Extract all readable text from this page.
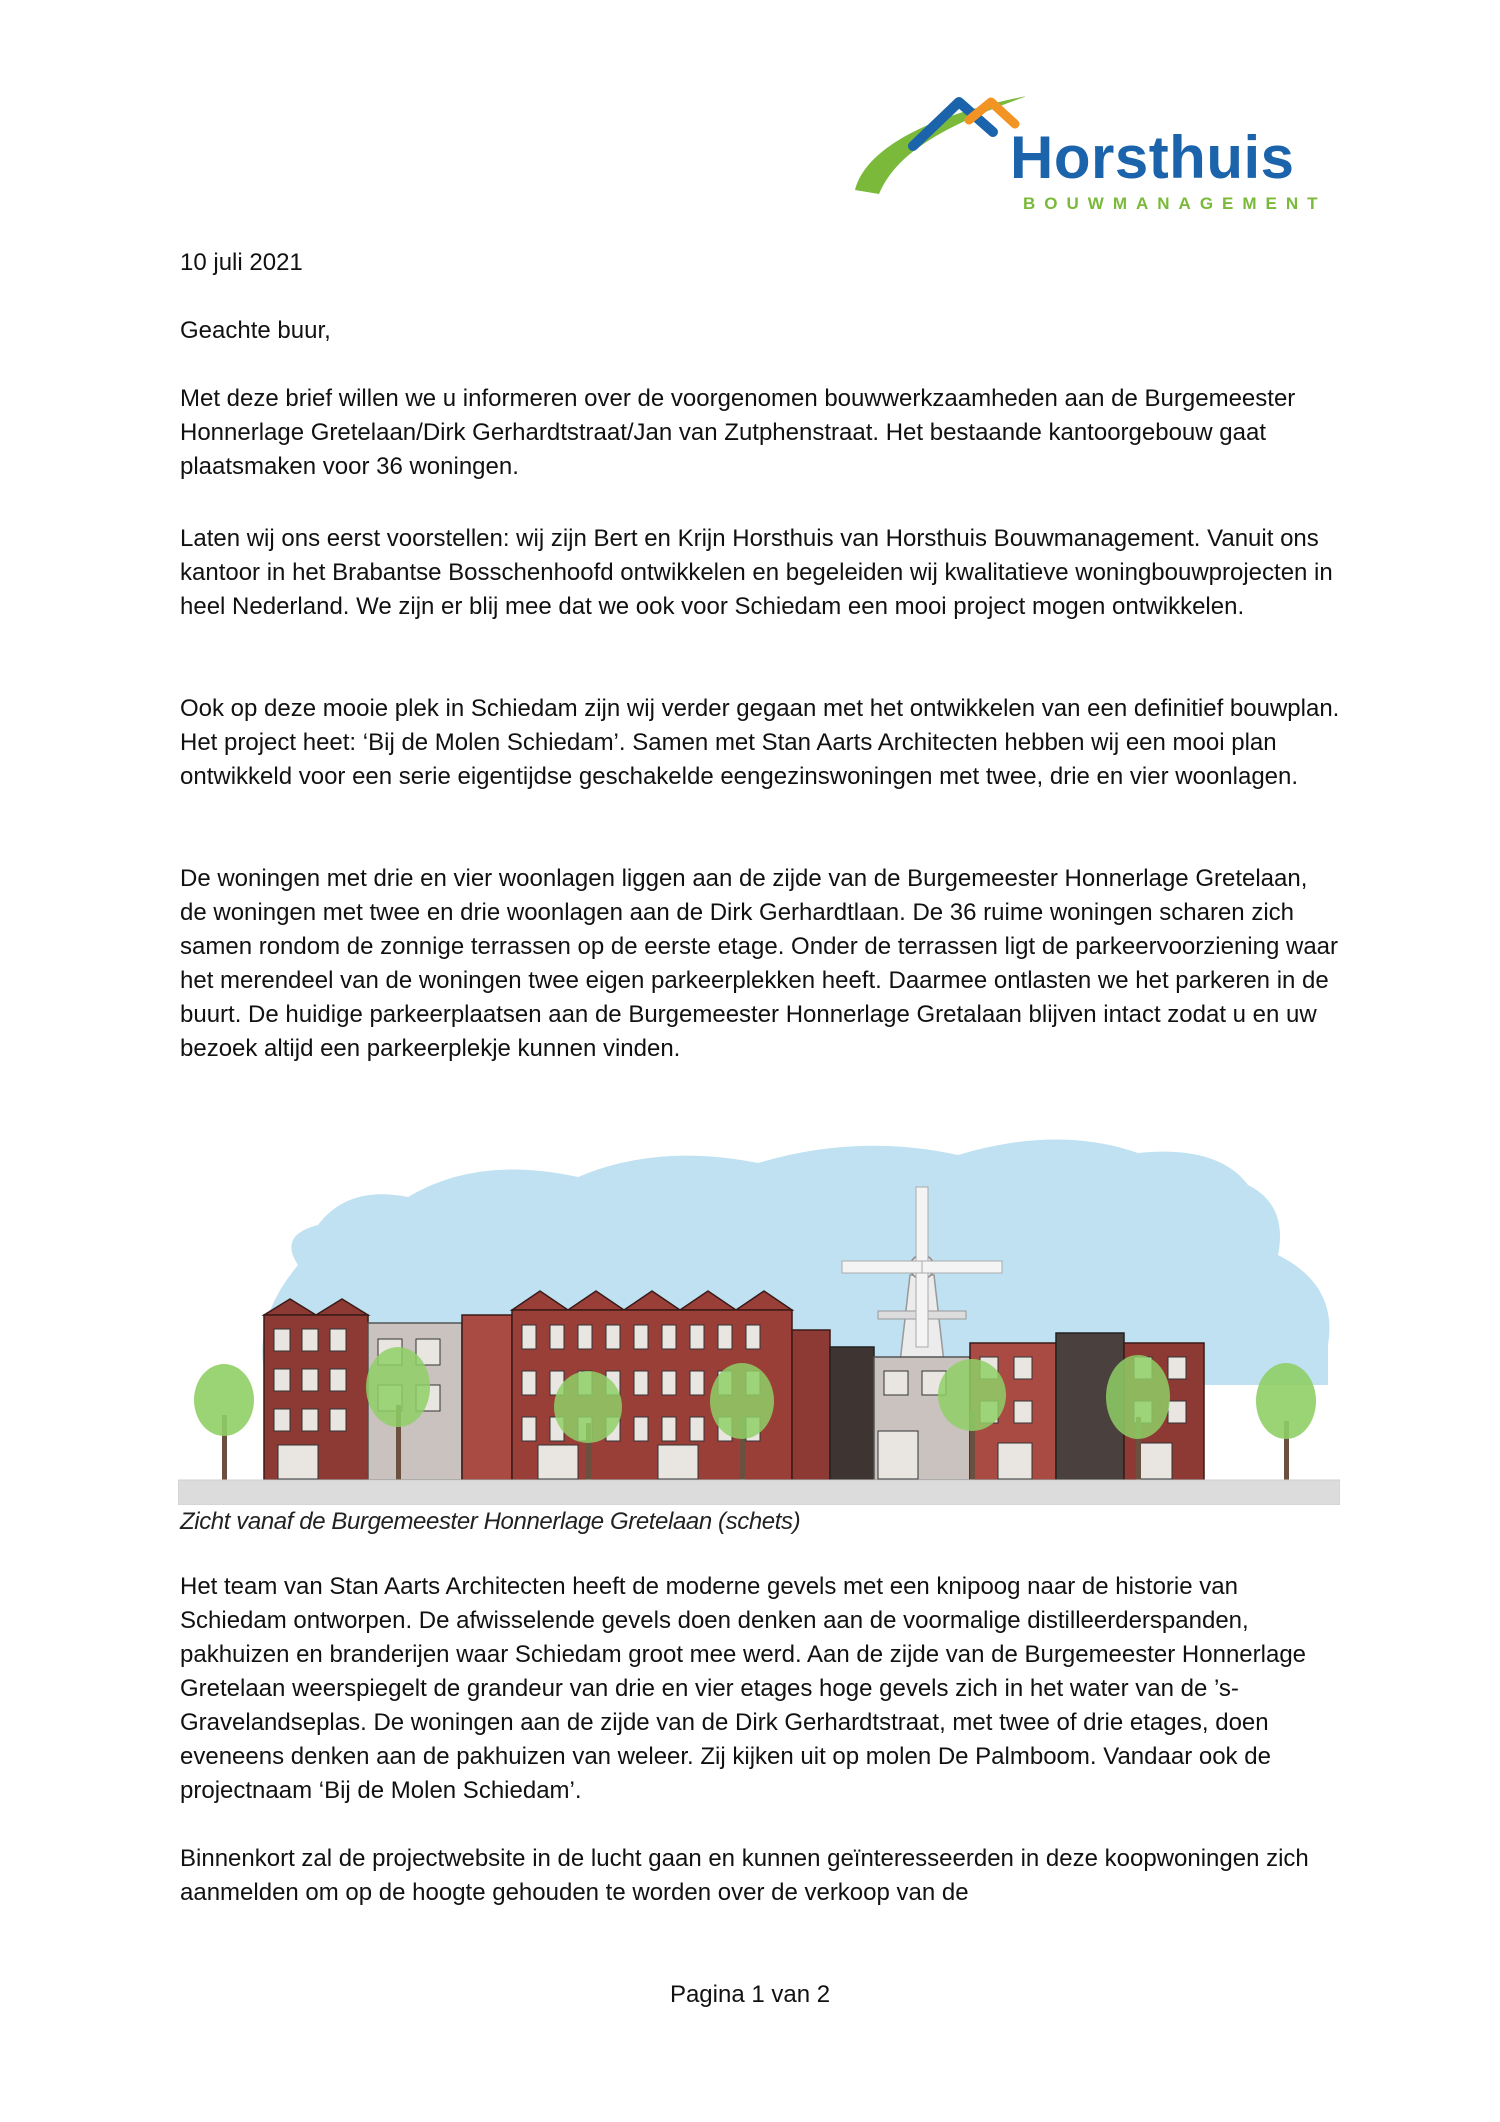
Horsthuis
BOUWMANAGEMENT

10 juli 2021

Geachte buur,

Met deze brief willen we u informeren over de voorgenomen bouwwerkzaamheden aan de Burgemeester Honnerlage Gretelaan/Dirk Gerhardtstraat/Jan van Zutphenstraat. Het bestaande kantoorgebouw gaat plaatsmaken voor 36 woningen.

Laten wij ons eerst voorstellen: wij zijn Bert en Krijn Horsthuis van Horsthuis Bouwmanagement. Vanuit ons kantoor in het Brabantse Bosschenhoofd ontwikkelen en begeleiden wij kwalitatieve woningbouwprojecten in heel Nederland. We zijn er blij mee dat we ook voor Schiedam een mooi project mogen ontwikkelen.

Ook op deze mooie plek in Schiedam zijn wij verder gegaan met het ontwikkelen van een definitief bouwplan. Het project heet: ‘Bij de Molen Schiedam’. Samen met Stan Aarts Architecten hebben wij een mooi plan ontwikkeld voor een serie eigentijdse geschakelde eengezinswoningen met twee, drie en vier woonlagen.

De woningen met drie en vier woonlagen liggen aan de zijde van de Burgemeester Honnerlage Gretelaan, de woningen met twee en drie woonlagen aan de Dirk Gerhardtlaan. De 36 ruime woningen scharen zich samen rondom de zonnige terrassen op de eerste etage. Onder de terrassen ligt de parkeervoorziening waar het merendeel van de woningen twee eigen parkeerplekken heeft. Daarmee ontlasten we het parkeren in de buurt. De huidige parkeerplaatsen aan de Burgemeester Honnerlage Gretalaan blijven intact zodat u en uw bezoek altijd een parkeerplekje kunnen vinden.

Zicht vanaf de Burgemeester Honnerlage Gretelaan (schets)

Het team van Stan Aarts Architecten heeft de moderne gevels met een knipoog naar de historie van Schiedam ontworpen. De afwisselende gevels doen denken aan de voormalige distilleerderspanden, pakhuizen en branderijen waar Schiedam groot mee werd. Aan de zijde van de Burgemeester Honnerlage Gretelaan weerspiegelt de grandeur van drie en vier etages hoge gevels zich in het water van de ’s-Gravelandseplas. De woningen aan de zijde van de Dirk Gerhardtstraat, met twee of drie etages, doen eveneens denken aan de pakhuizen van weleer. Zij kijken uit op molen De Palmboom. Vandaar ook de projectnaam ‘Bij de Molen Schiedam’.

Binnenkort zal de projectwebsite in de lucht gaan en kunnen geïnteresseerden in deze koopwoningen zich aanmelden om op de hoogte gehouden te worden over de verkoop van de

Pagina 1 van 2
